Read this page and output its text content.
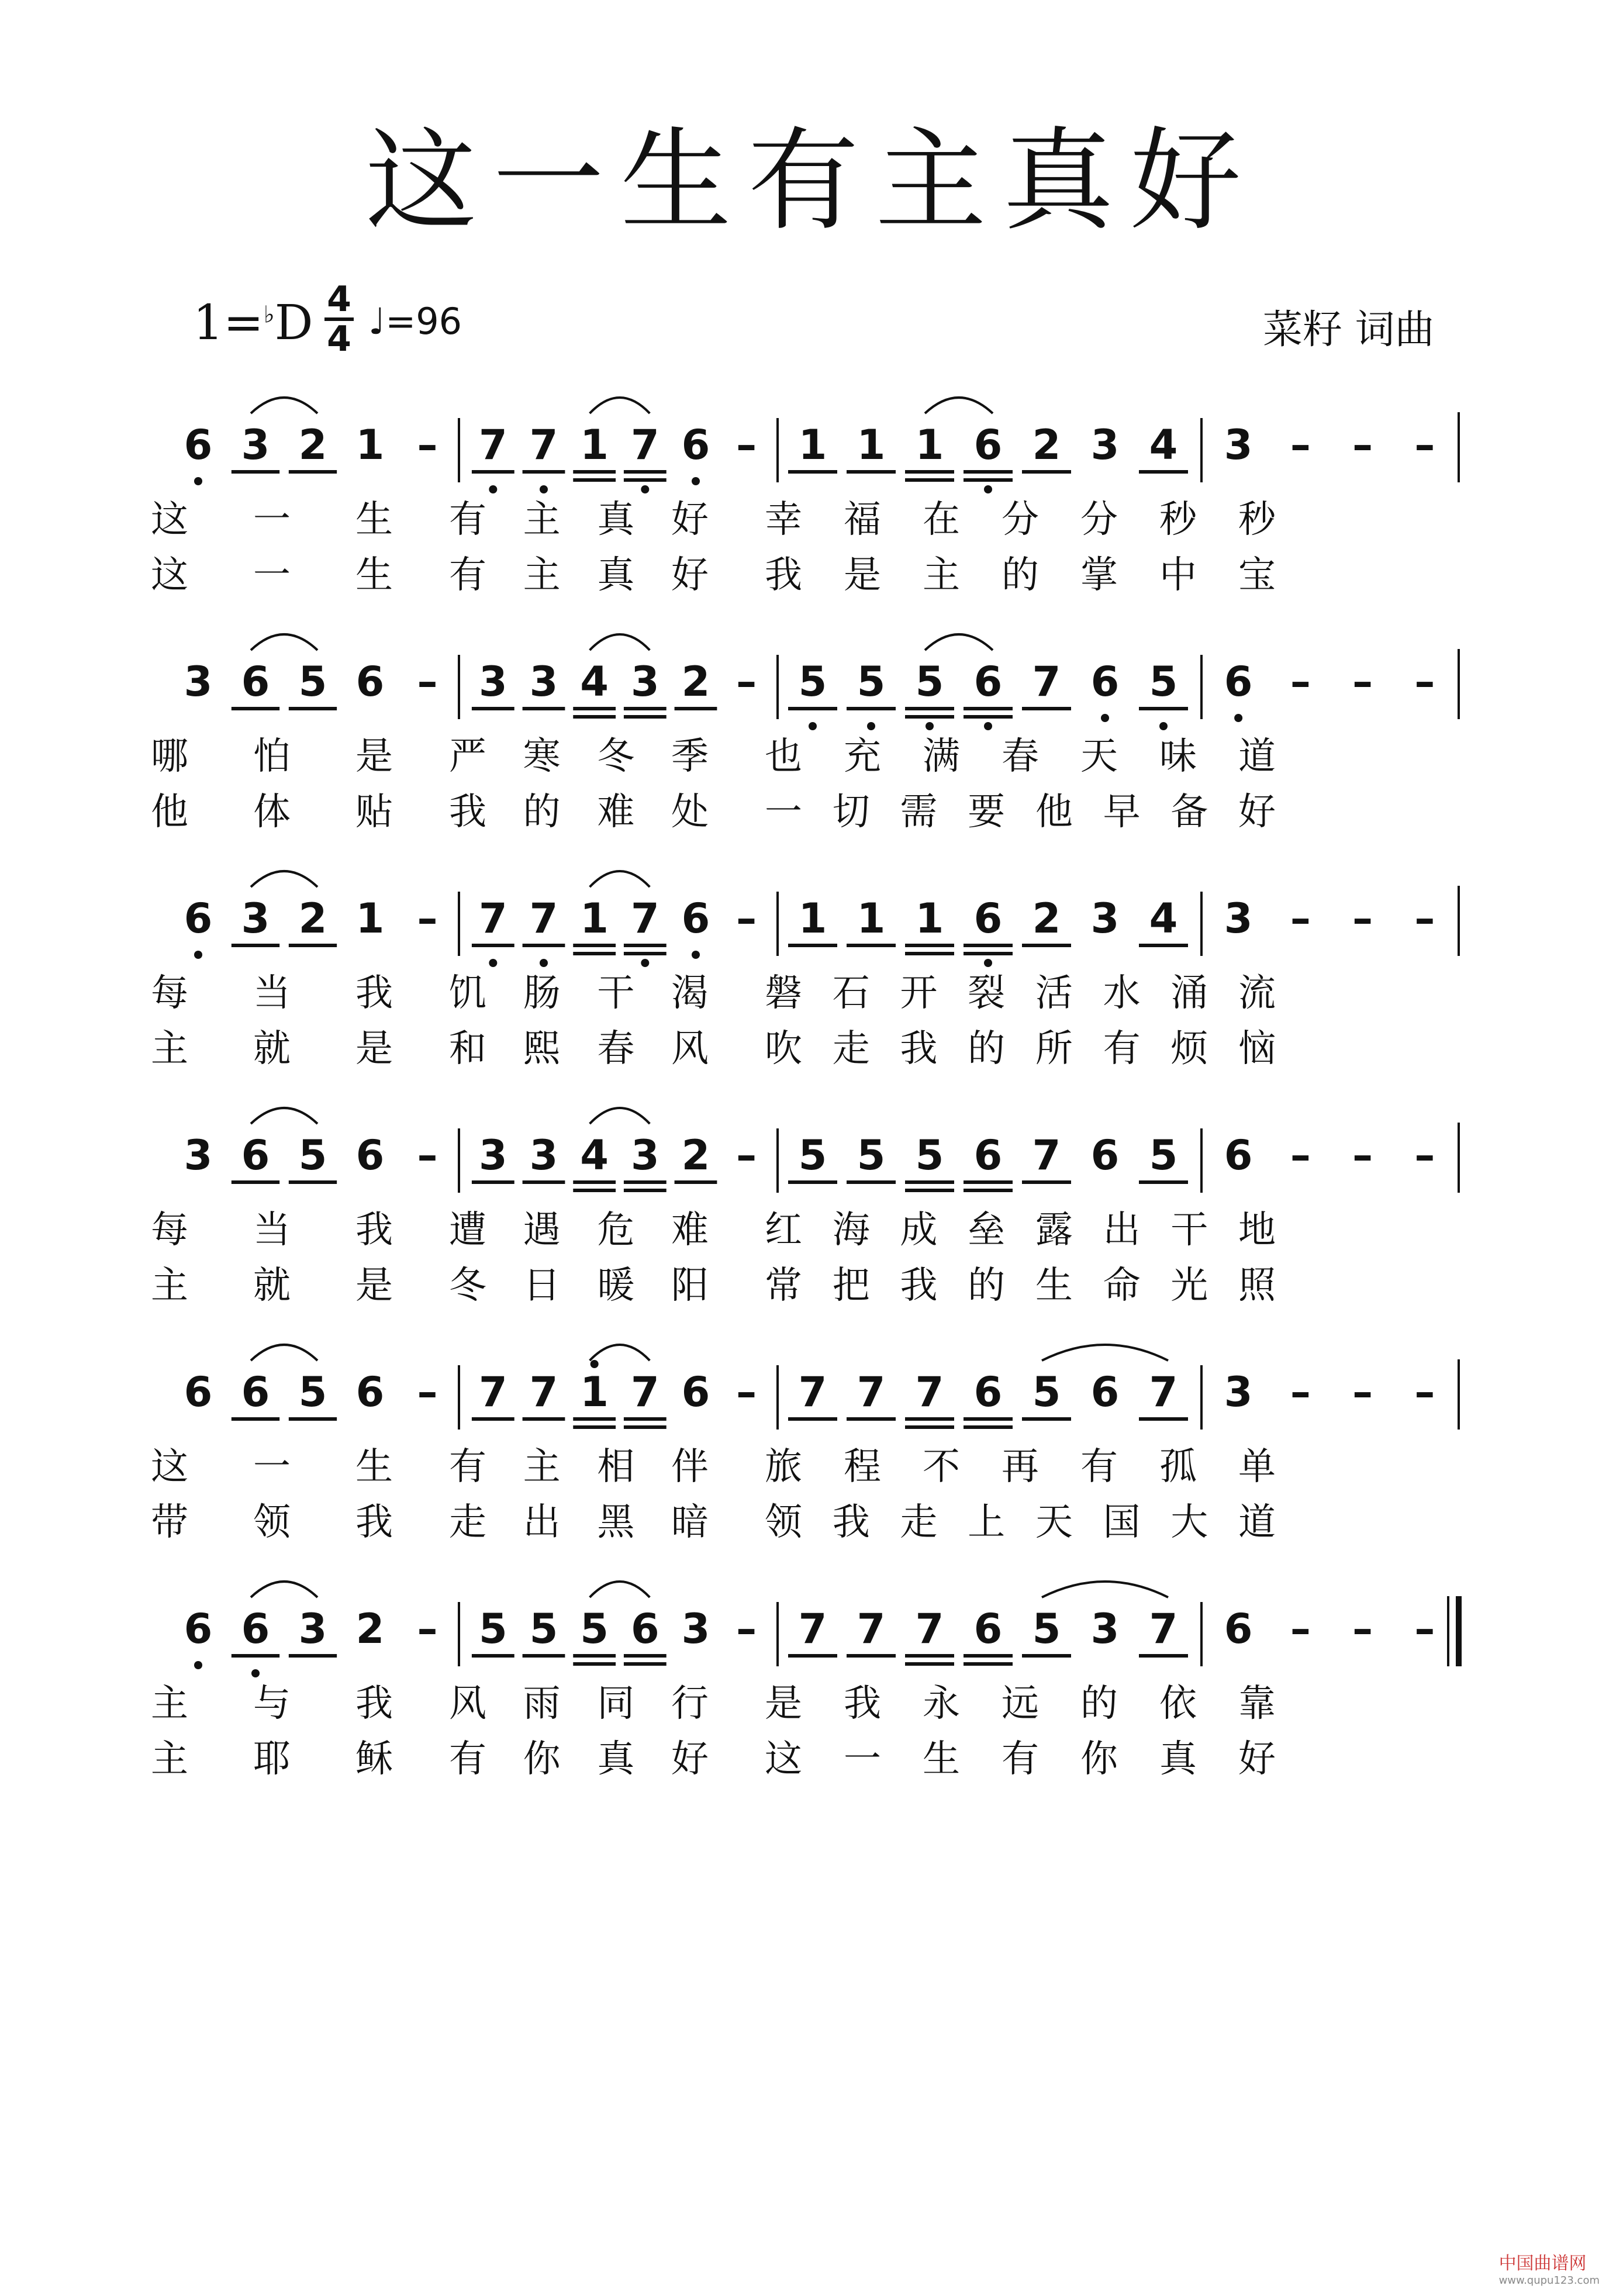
这一生有主真好
1=♭D 4
4 ♩=96	菜籽 词曲
6 3 2 1 – 7 7 1 7 6 – 1 1 1 6 2 3 4 3 – – –
这 一 生 有 主 真 好 幸 福 在 分 分 秒 秒
这 一 生 有 主 真 好 我 是 主 的 掌 中 宝
3 6 5 6 – 3 3 4 3 2 – 5 5 5 6 7 6 5 6 – – –
哪 怕 是 严 寒 冬 季 也 充 满 春 天 味 道
他 体 贴 我 的 难 处 一 切 需 要 他 早 备 好
6 3 2 1 – 7 7 1 7 6 – 1 1 1 6 2 3 4 3 – – –
每 当 我 饥 肠 干 渴 磐 石 开 裂 活 水 涌 流
主 就 是 和 熙 春 风 吹 走 我 的 所 有 烦 恼
3 6 5 6 – 3 3 4 3 2 – 5 5 5 6 7 6 5 6 – – –
每 当 我 遭 遇 危 难 红 海 成 垒 露 出 干 地
主 就 是 冬 日 暖 阳 常 把 我 的 生 命 光 照
6 6 5 6 – 7 7 1 7 6 – 7 7 7 6 5 6 7 3 – – –
这 一 生 有 主 相 伴 旅 程 不 再 有 孤 单
带 领 我 走 出 黑 暗 领 我 走 上 天 国 大 道
6 6 3 2 – 5 5 5 6 3 – 7 7 7 6 5 3 7 6 – – –
主 与 我 风 雨 同 行 是 我 永 远 的 依 靠
主 耶 稣 有 你 真 好 这 一 生 有 你 真 好
中国曲谱网
www.qupu123.com
